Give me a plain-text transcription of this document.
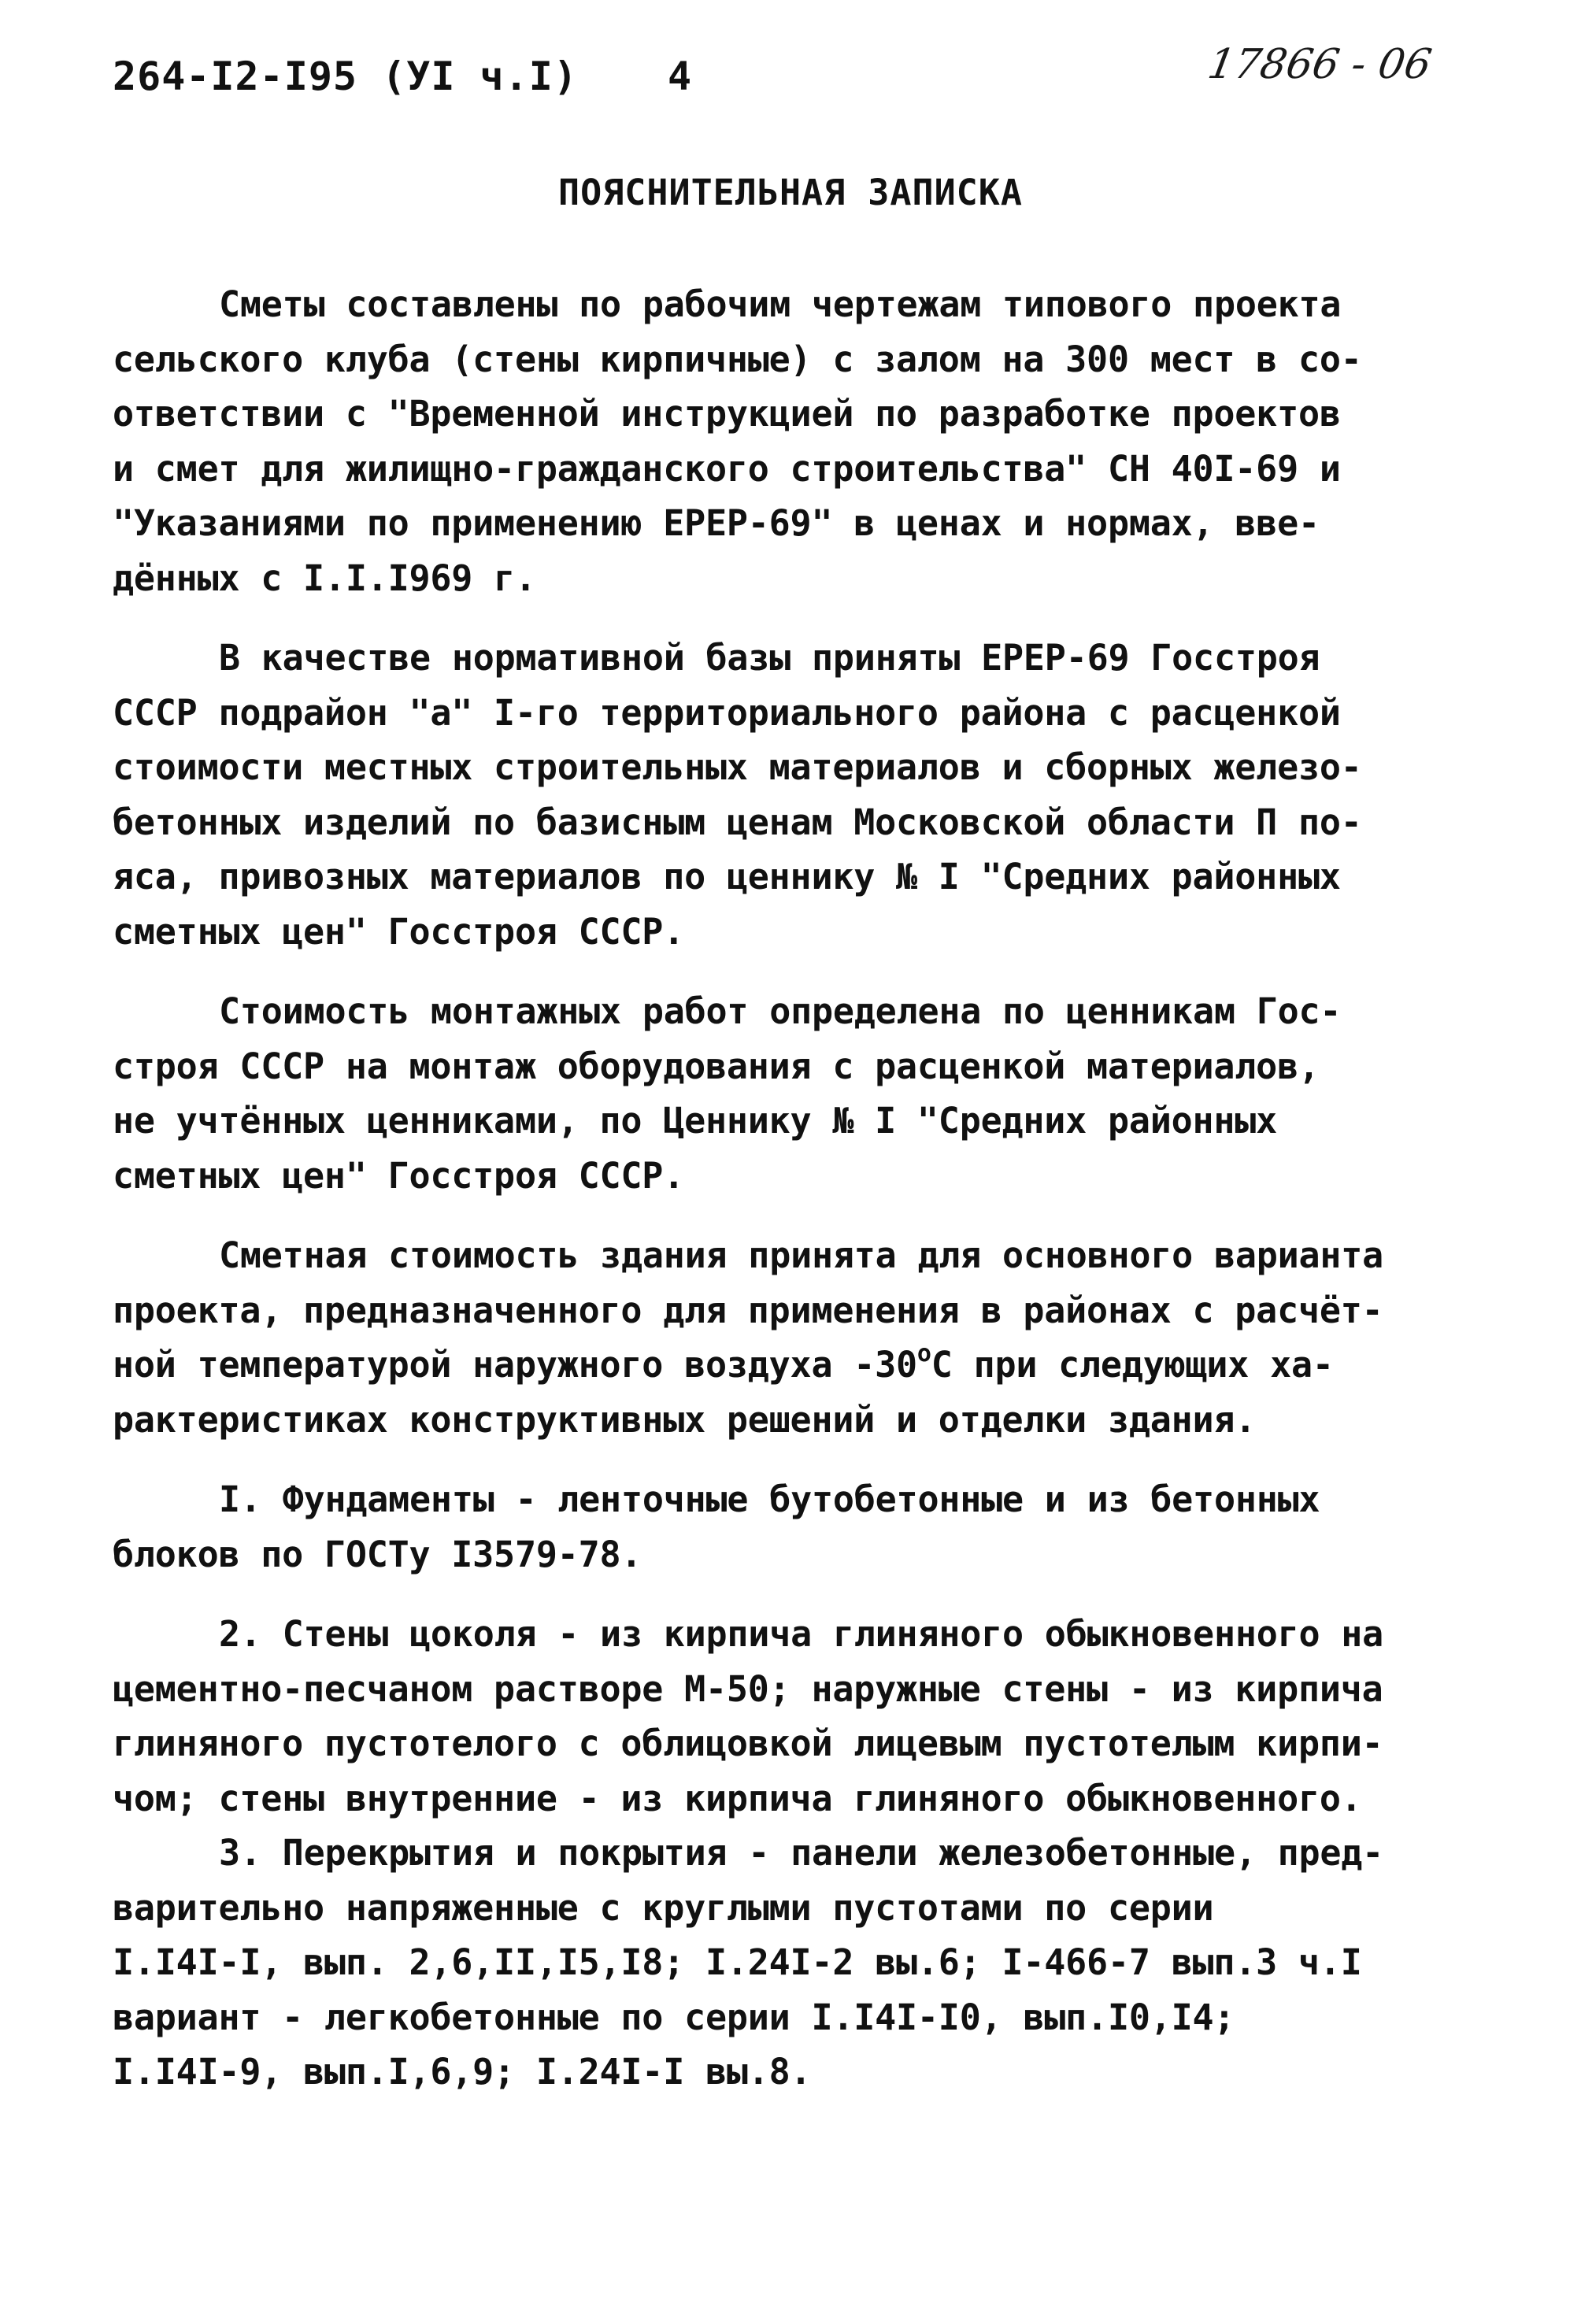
264-I2-I95 (УI ч.I) 4	17866 - 06
ПОЯСНИТЕЛЬНАЯ ЗАПИСКА
Сметы составлены по рабочим чертежам типового проекта
сельского клуба (стены кирпичные) с залом на 300 мест в со-
ответствии с "Временной инструкцией по разработке проектов
и смет для жилищно-гражданского строительства" СН 40I-69 и
"Указаниями по применению ЕРЕР-69" в ценах и нормах, вве-
дённых с I.I.I969 г.
В качестве нормативной базы приняты ЕРЕР-69 Госстроя
СССР подрайон "а" I-го территориального района с расценкой
стоимости местных строительных материалов и сборных железо-
бетонных изделий по базисным ценам Московской области П по-
яса, привозных материалов по ценнику № I "Средних районных
сметных цен" Госстроя СССР.
Стоимость монтажных работ определена по ценникам Гос-
строя СССР на монтаж оборудования с расценкой материалов,
не учтённых ценниками, по Ценнику № I "Средних районных
сметных цен" Госстроя СССР.
Сметная стоимость здания принята для основного варианта
проекта, предназначенного для применения в районах с расчёт-
ной температурой наружного воздуха -30$^o$С при следующих ха-
рактеристиках конструктивных решений и отделки здания.
I. Фундаменты - ленточные бутобетонные и из бетонных
блоков по ГОСТу I3579-78.
2. Стены цоколя - из кирпича глиняного обыкновенного на
цементно-песчаном растворе М-50; наружные стены - из кирпича
глиняного пустотелого с облицовкой лицевым пустотелым кирпи-
чом; стены внутренние - из кирпича глиняного обыкновенного.
3. Перекрытия и покрытия - панели железобетонные, пред-
варительно напряженные с круглыми пустотами по серии
I.I4I-I, вып. 2,6,II,I5,I8; I.24I-2 вы.6; I-466-7 вып.3 ч.I
вариант - легкобетонные по серии I.I4I-I0, вып.I0,I4;
I.I4I-9, вып.I,6,9; I.24I-I вы.8.
